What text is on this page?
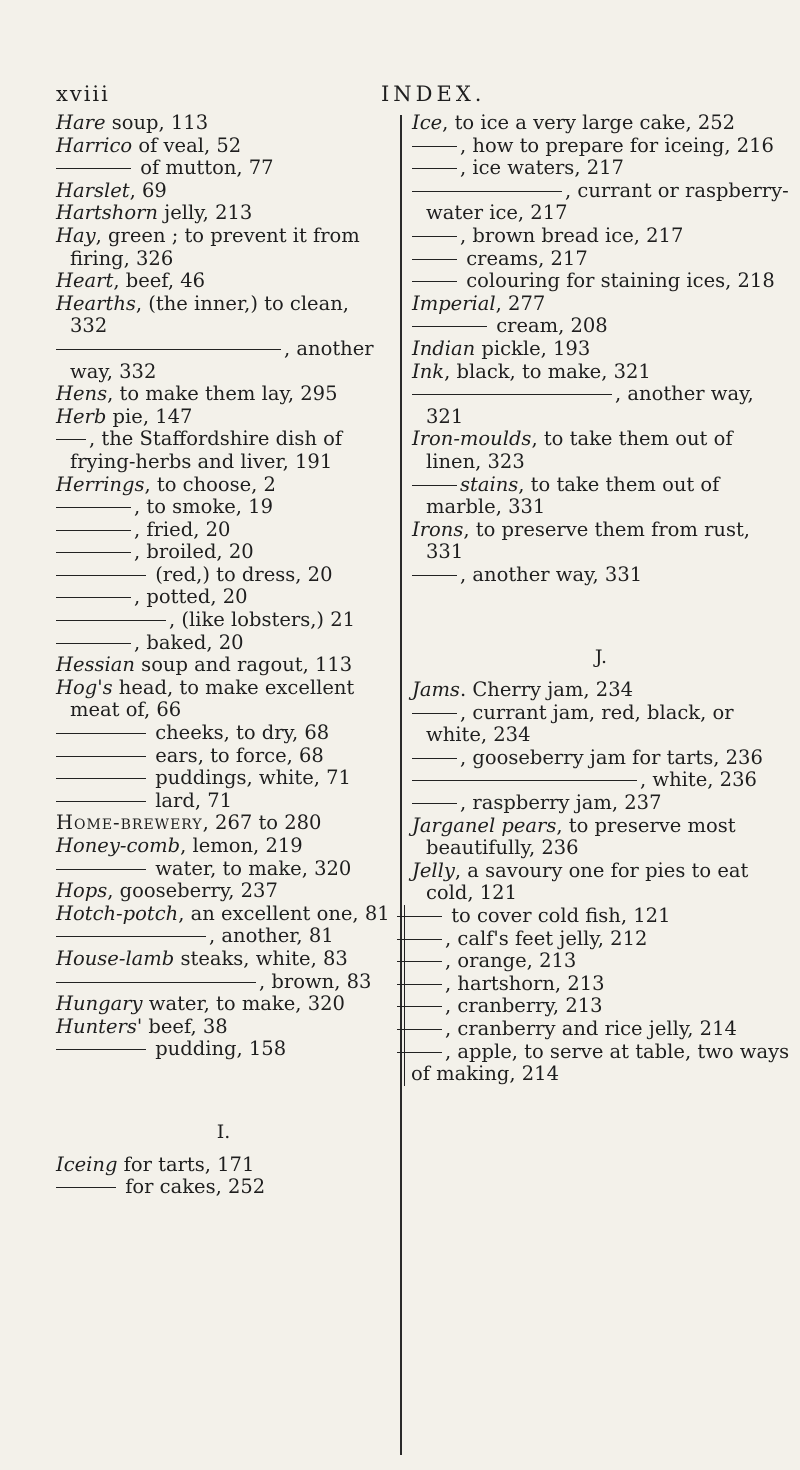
xviii	INDEX.

Hare soup, 113

Harrico of veal, 52

of mutton, 77

Harslet, 69

Hartshorn jelly, 213

Hay, green ; to prevent it from firing, 326

Heart, beef, 46

Hearths, (the inner,) to clean, 332

, another way, 332

Hens, to make them lay, 295

Herb pie, 147

, the Staffordshire dish of frying-herbs and liver, 191

Herrings, to choose, 2

, to smoke, 19

, fried, 20

, broiled, 20

(red,) to dress, 20

, potted, 20

, (like lobsters,) 21

, baked, 20

Hessian soup and ragout, 113

Hog's head, to make excellent meat of, 66

cheeks, to dry, 68

ears, to force, 68

puddings, white, 71

lard, 71

Home-brewery, 267 to 280

Honey-comb, lemon, 219

water, to make, 320

Hops, gooseberry, 237

Hotch-potch, an excellent one, 81

, another, 81

House-lamb steaks, white, 83

, brown, 83

Hungary water, to make, 320

Hunters' beef, 38

pudding, 158

I.

Iceing for tarts, 171

for cakes, 252

Ice, to ice a very large cake, 252

, how to prepare for iceing, 216

, ice waters, 217

, currant or raspberry-water ice, 217

, brown bread ice, 217

creams, 217

colouring for staining ices, 218

Imperial, 277

cream, 208

Indian pickle, 193

Ink, black, to make, 321

, another way, 321

Iron-moulds, to take them out of linen, 323

stains, to take them out of marble, 331

Irons, to preserve them from rust, 331

, another way, 331

J.

Jams. Cherry jam, 234

, currant jam, red, black, or white, 234

, gooseberry jam for tarts, 236

, white, 236

, raspberry jam, 237

Jarganel pears, to preserve most beautifully, 236

Jelly, a savoury one for pies to eat cold, 121

to cover cold fish, 121

, calf's feet jelly, 212

, orange, 213

, hartshorn, 213

, cranberry, 213

, cranberry and rice jelly, 214

, apple, to serve at table, two ways of making, 214
